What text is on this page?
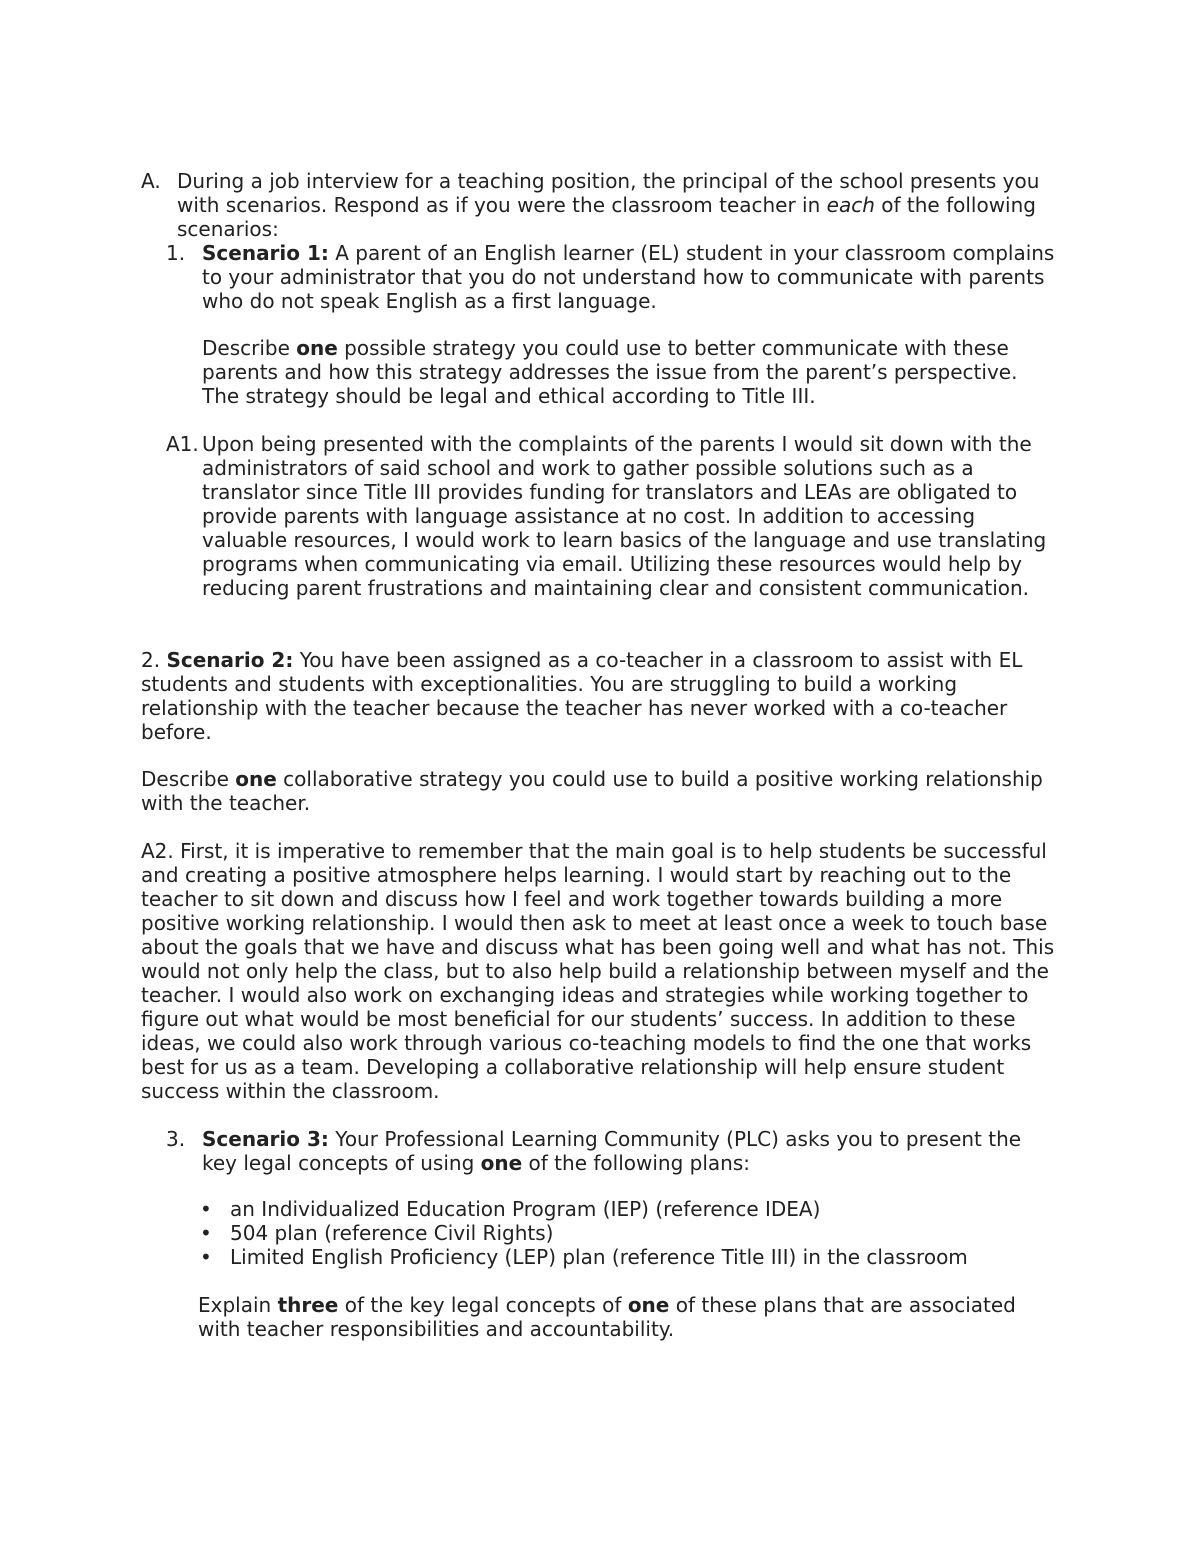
A. During a job interview for a teaching position, the principal of the school presents you with scenarios. Respond as if you were the classroom teacher in each of the following scenarios:
1. Scenario 1: A parent of an English learner (EL) student in your classroom complains to your administrator that you do not understand how to communicate with parents who do not speak English as a first language.
Describe one possible strategy you could use to better communicate with these parents and how this strategy addresses the issue from the parent’s perspective. The strategy should be legal and ethical according to Title III.
A1. Upon being presented with the complaints of the parents I would sit down with the administrators of said school and work to gather possible solutions such as a translator since Title III provides funding for translators and LEAs are obligated to provide parents with language assistance at no cost. In addition to accessing valuable resources, I would work to learn basics of the language and use translating programs when communicating via email. Utilizing these resources would help by reducing parent frustrations and maintaining clear and consistent communication.
2. Scenario 2: You have been assigned as a co-teacher in a classroom to assist with EL students and students with exceptionalities. You are struggling to build a working relationship with the teacher because the teacher has never worked with a co-teacher before.
Describe one collaborative strategy you could use to build a positive working relationship with the teacher.
A2. First, it is imperative to remember that the main goal is to help students be successful and creating a positive atmosphere helps learning. I would start by reaching out to the teacher to sit down and discuss how I feel and work together towards building a more positive working relationship. I would then ask to meet at least once a week to touch base about the goals that we have and discuss what has been going well and what has not. This would not only help the class, but to also help build a relationship between myself and the teacher. I would also work on exchanging ideas and strategies while working together to figure out what would be most beneficial for our students’ success. In addition to these ideas, we could also work through various co-teaching models to find the one that works best for us as a team. Developing a collaborative relationship will help ensure student success within the classroom.
3. Scenario 3: Your Professional Learning Community (PLC) asks you to present the key legal concepts of using one of the following plans:
• an Individualized Education Program (IEP) (reference IDEA)
• 504 plan (reference Civil Rights)
• Limited English Proficiency (LEP) plan (reference Title III) in the classroom
Explain three of the key legal concepts of one of these plans that are associated with teacher responsibilities and accountability.
